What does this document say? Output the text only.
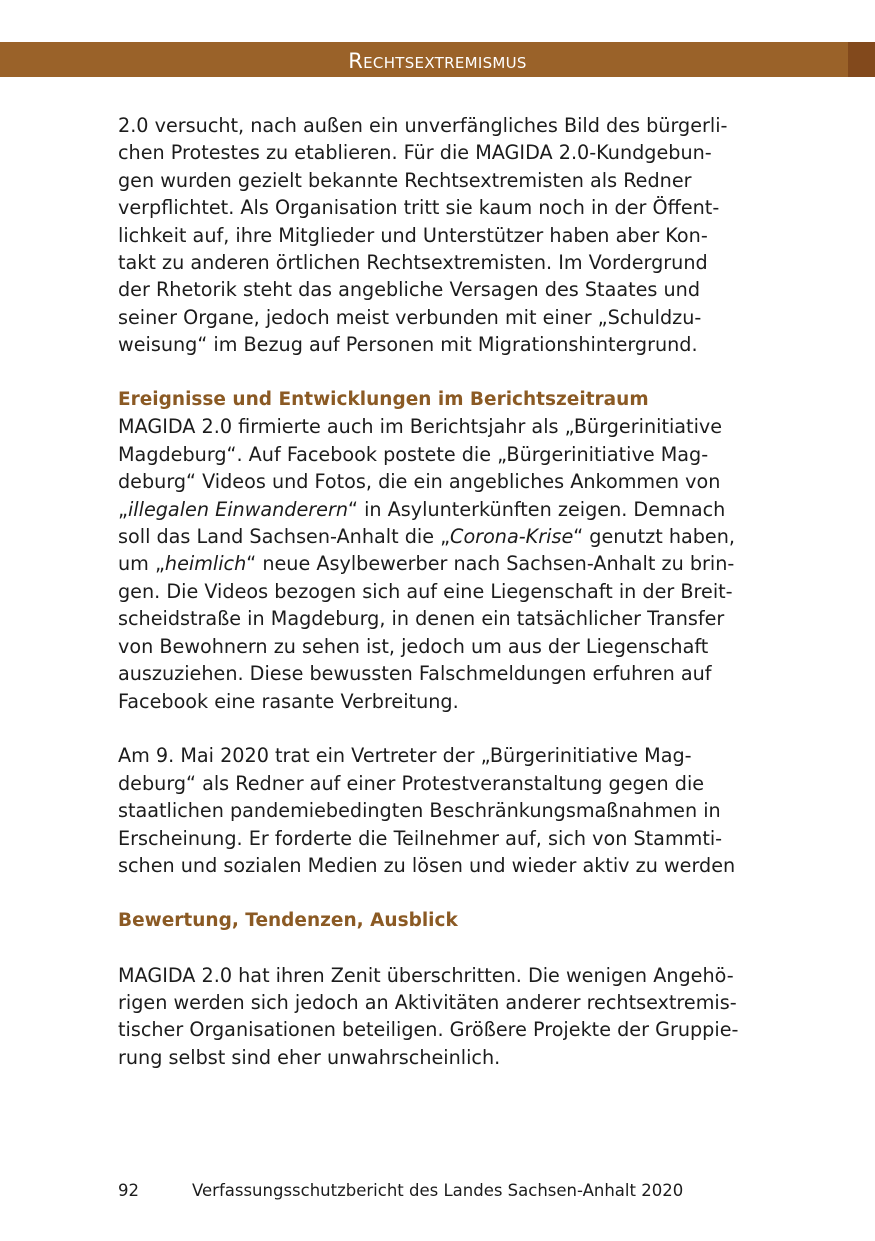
Rechtsextremismus

2.0 versucht, nach außen ein unverfängliches Bild des bürgerli-

chen Protestes zu etablieren. Für die MAGIDA 2.0-Kundgebun-

gen wurden gezielt bekannte Rechtsextremisten als Redner

verpflichtet. Als Organisation tritt sie kaum noch in der Öffent-

lichkeit auf, ihre Mitglieder und Unterstützer haben aber Kon-

takt zu anderen örtlichen Rechtsextremisten. Im Vordergrund

der Rhetorik steht das angebliche Versagen des Staates und

seiner Organe, jedoch meist verbunden mit einer „Schuldzu-

weisung“ im Bezug auf Personen mit Migrationshintergrund.

Ereignisse und Entwicklungen im Berichtszeitraum

MAGIDA 2.0 firmierte auch im Berichtsjahr als „Bürgerinitiative

Magdeburg“. Auf Facebook postete die „Bürgerinitiative Mag-

deburg“ Videos und Fotos, die ein angebliches Ankommen von

„illegalen Einwanderern“ in Asylunterkünften zeigen. Demnach

soll das Land Sachsen-Anhalt die „Corona-Krise“ genutzt haben,

um „heimlich“ neue Asylbewerber nach Sachsen-Anhalt zu brin-

gen. Die Videos bezogen sich auf eine Liegenschaft in der Breit-

scheidstraße in Magdeburg, in denen ein tatsächlicher Transfer

von Bewohnern zu sehen ist, jedoch um aus der Liegenschaft

auszuziehen. Diese bewussten Falschmeldungen erfuhren auf

Facebook eine rasante Verbreitung.

Am 9. Mai 2020 trat ein Vertreter der „Bürgerinitiative Mag-

deburg“ als Redner auf einer Protestveranstaltung gegen die

staatlichen pandemiebedingten Beschränkungsmaßnahmen in

Erscheinung. Er forderte die Teilnehmer auf, sich von Stammti-

schen und sozialen Medien zu lösen und wieder aktiv zu werden

Bewertung, Tendenzen, Ausblick

MAGIDA 2.0 hat ihren Zenit überschritten. Die wenigen Angehö-

rigen werden sich jedoch an Aktivitäten anderer rechtsextremis-

tischer Organisationen beteiligen. Größere Projekte der Gruppie-

rung selbst sind eher unwahrscheinlich.

92	Verfassungsschutzbericht des Landes Sachsen-Anhalt 2020
